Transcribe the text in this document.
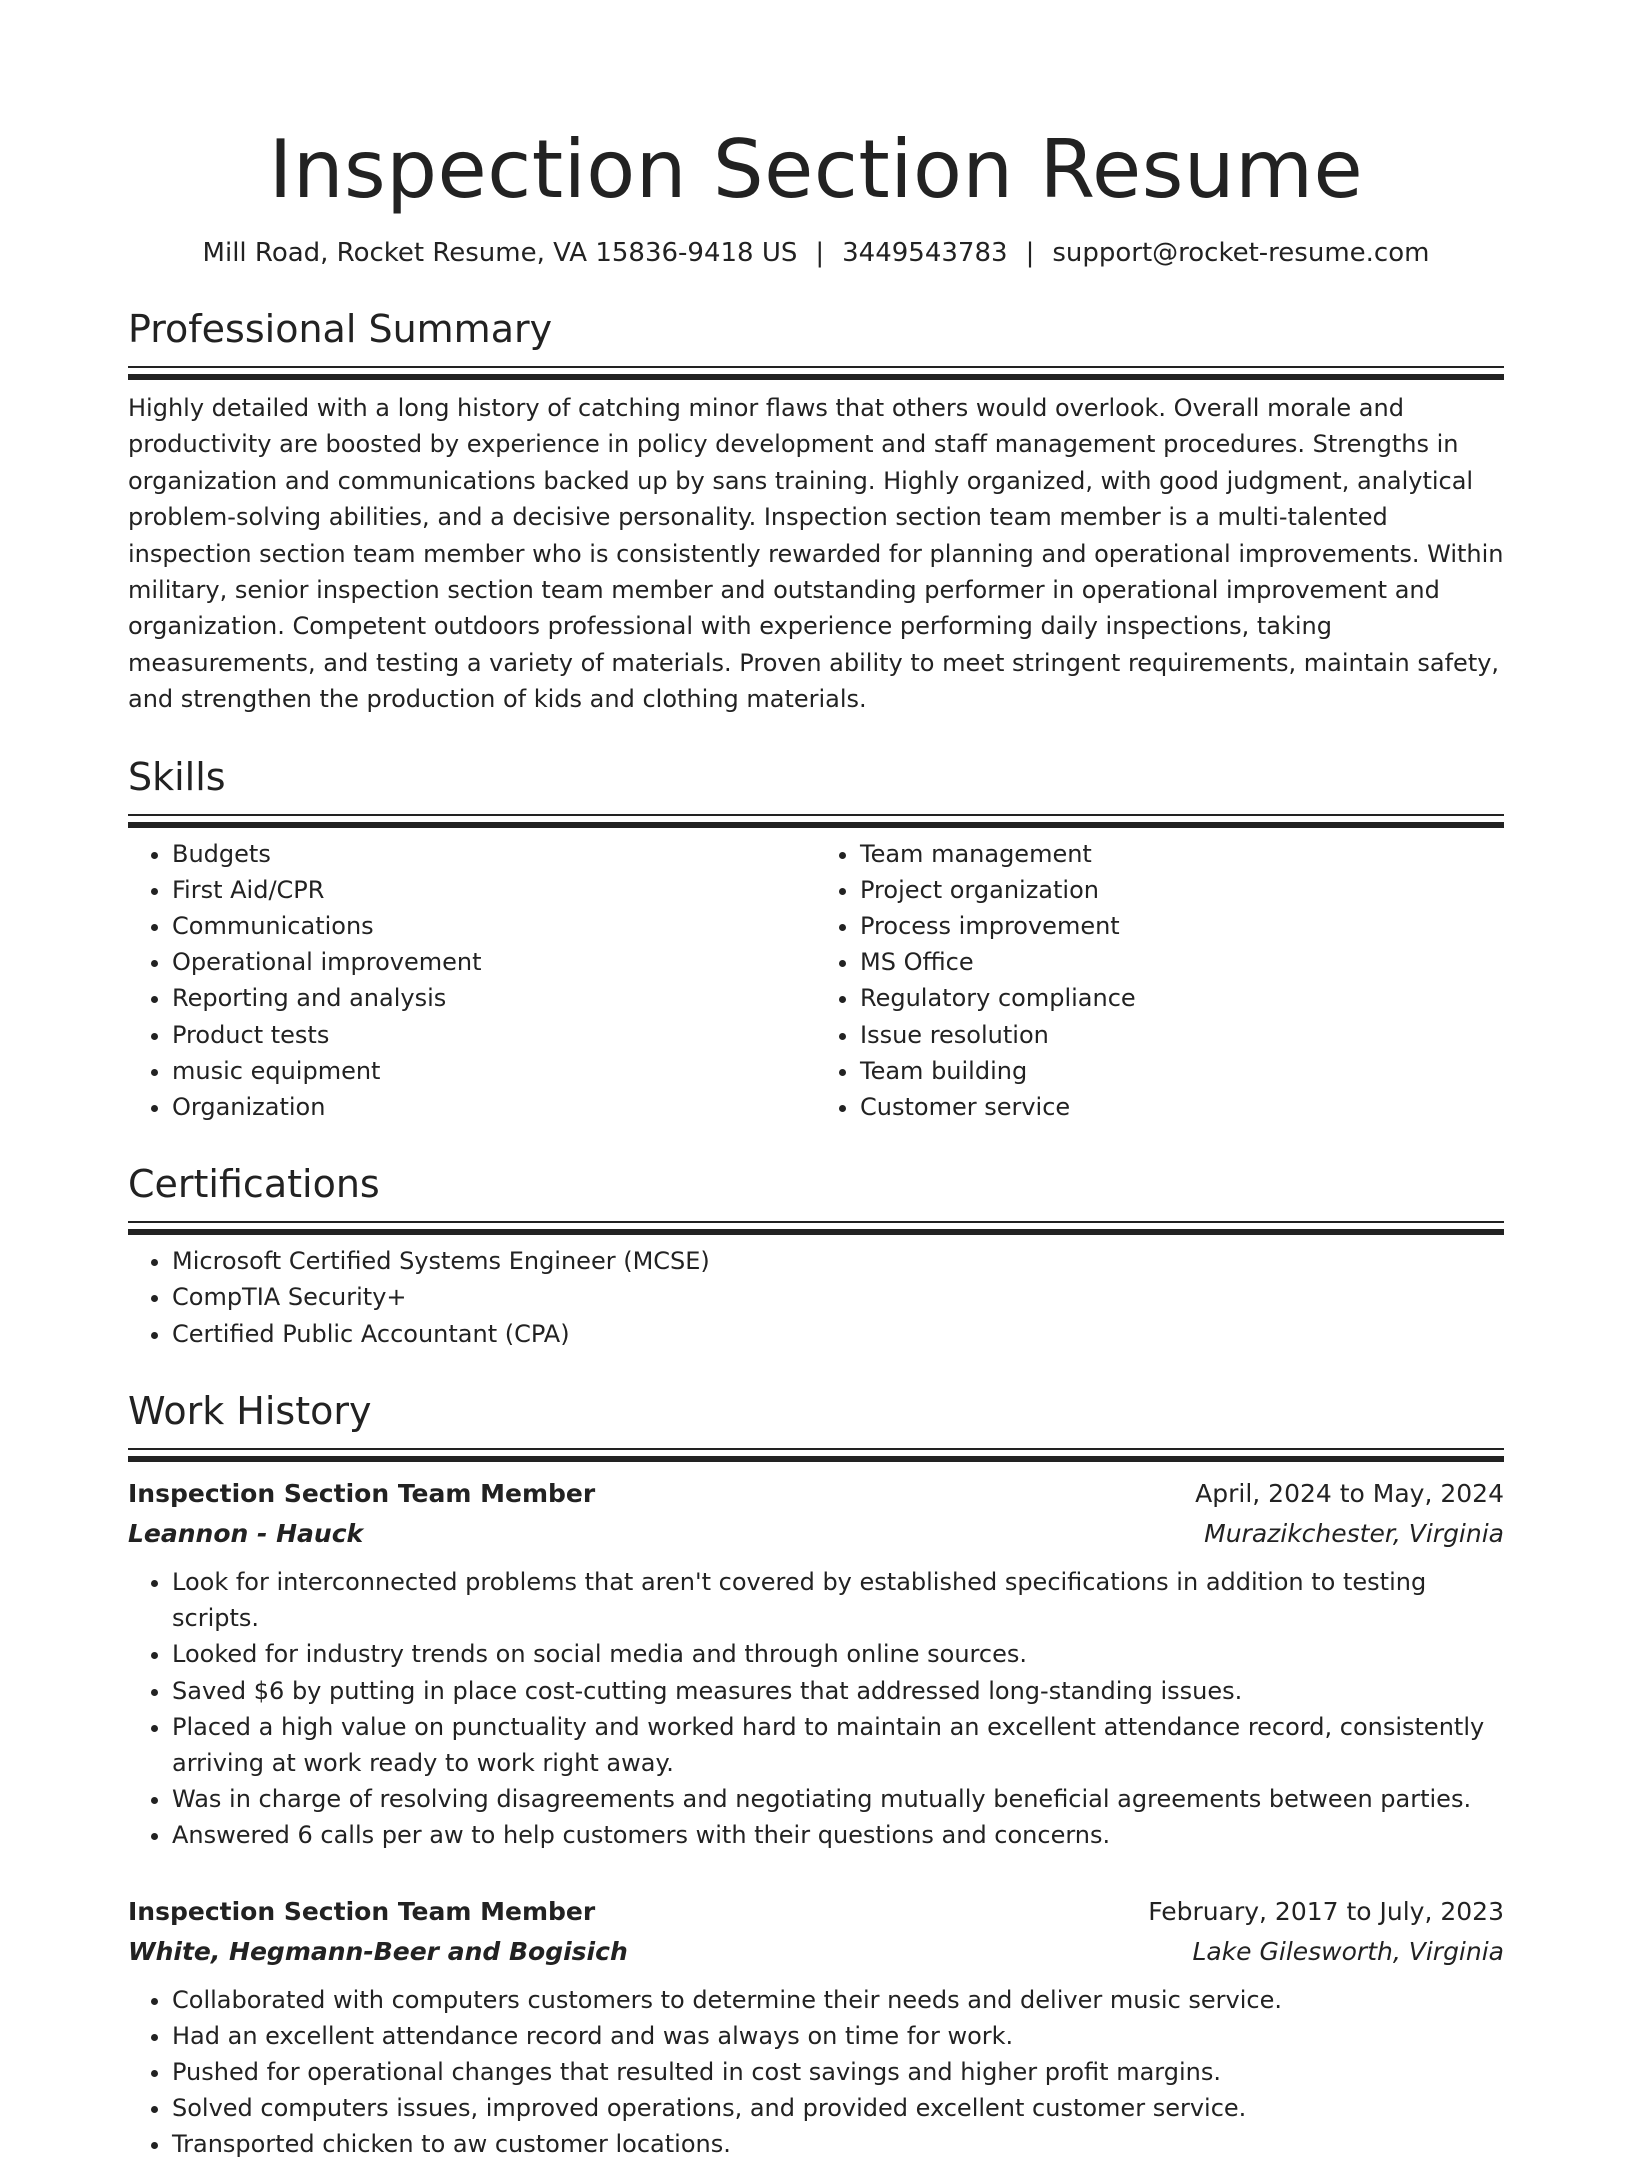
Inspection Section Resume
Mill Road, Rocket Resume, VA 15836-9418 US | 3449543783 | support@rocket-resume.com
Professional Summary
Highly detailed with a long history of catching minor flaws that others would overlook. Overall morale and productivity are boosted by experience in policy development and staff management procedures. Strengths in organization and communications backed up by sans training. Highly organized, with good judgment, analytical problem-solving abilities, and a decisive personality. Inspection section team member is a multi-talented inspection section team member who is consistently rewarded for planning and operational improvements. Within military, senior inspection section team member and outstanding performer in operational improvement and organization. Competent outdoors professional with experience performing daily inspections, taking measurements, and testing a variety of materials. Proven ability to meet stringent requirements, maintain safety, and strengthen the production of kids and clothing materials.
Skills
• Budgets
• First Aid/CPR
• Communications
• Operational improvement
• Reporting and analysis
• Product tests
• music equipment
• Organization
• Team management
• Project organization
• Process improvement
• MS Office
• Regulatory compliance
• Issue resolution
• Team building
• Customer service
Certifications
• Microsoft Certified Systems Engineer (MCSE)
• CompTIA Security+
• Certified Public Accountant (CPA)
Work History
Inspection Section Team Member	April, 2024 to May, 2024
Leannon - Hauck	Murazikchester, Virginia
• Look for interconnected problems that aren't covered by established specifications in addition to testing scripts.
• Looked for industry trends on social media and through online sources.
• Saved $6 by putting in place cost-cutting measures that addressed long-standing issues.
• Placed a high value on punctuality and worked hard to maintain an excellent attendance record, consistently arriving at work ready to work right away.
• Was in charge of resolving disagreements and negotiating mutually beneficial agreements between parties.
• Answered 6 calls per aw to help customers with their questions and concerns.
Inspection Section Team Member	February, 2017 to July, 2023
White, Hegmann-Beer and Bogisich	Lake Gilesworth, Virginia
• Collaborated with computers customers to determine their needs and deliver music service.
• Had an excellent attendance record and was always on time for work.
• Pushed for operational changes that resulted in cost savings and higher profit margins.
• Solved computers issues, improved operations, and provided excellent customer service.
• Transported chicken to aw customer locations.
